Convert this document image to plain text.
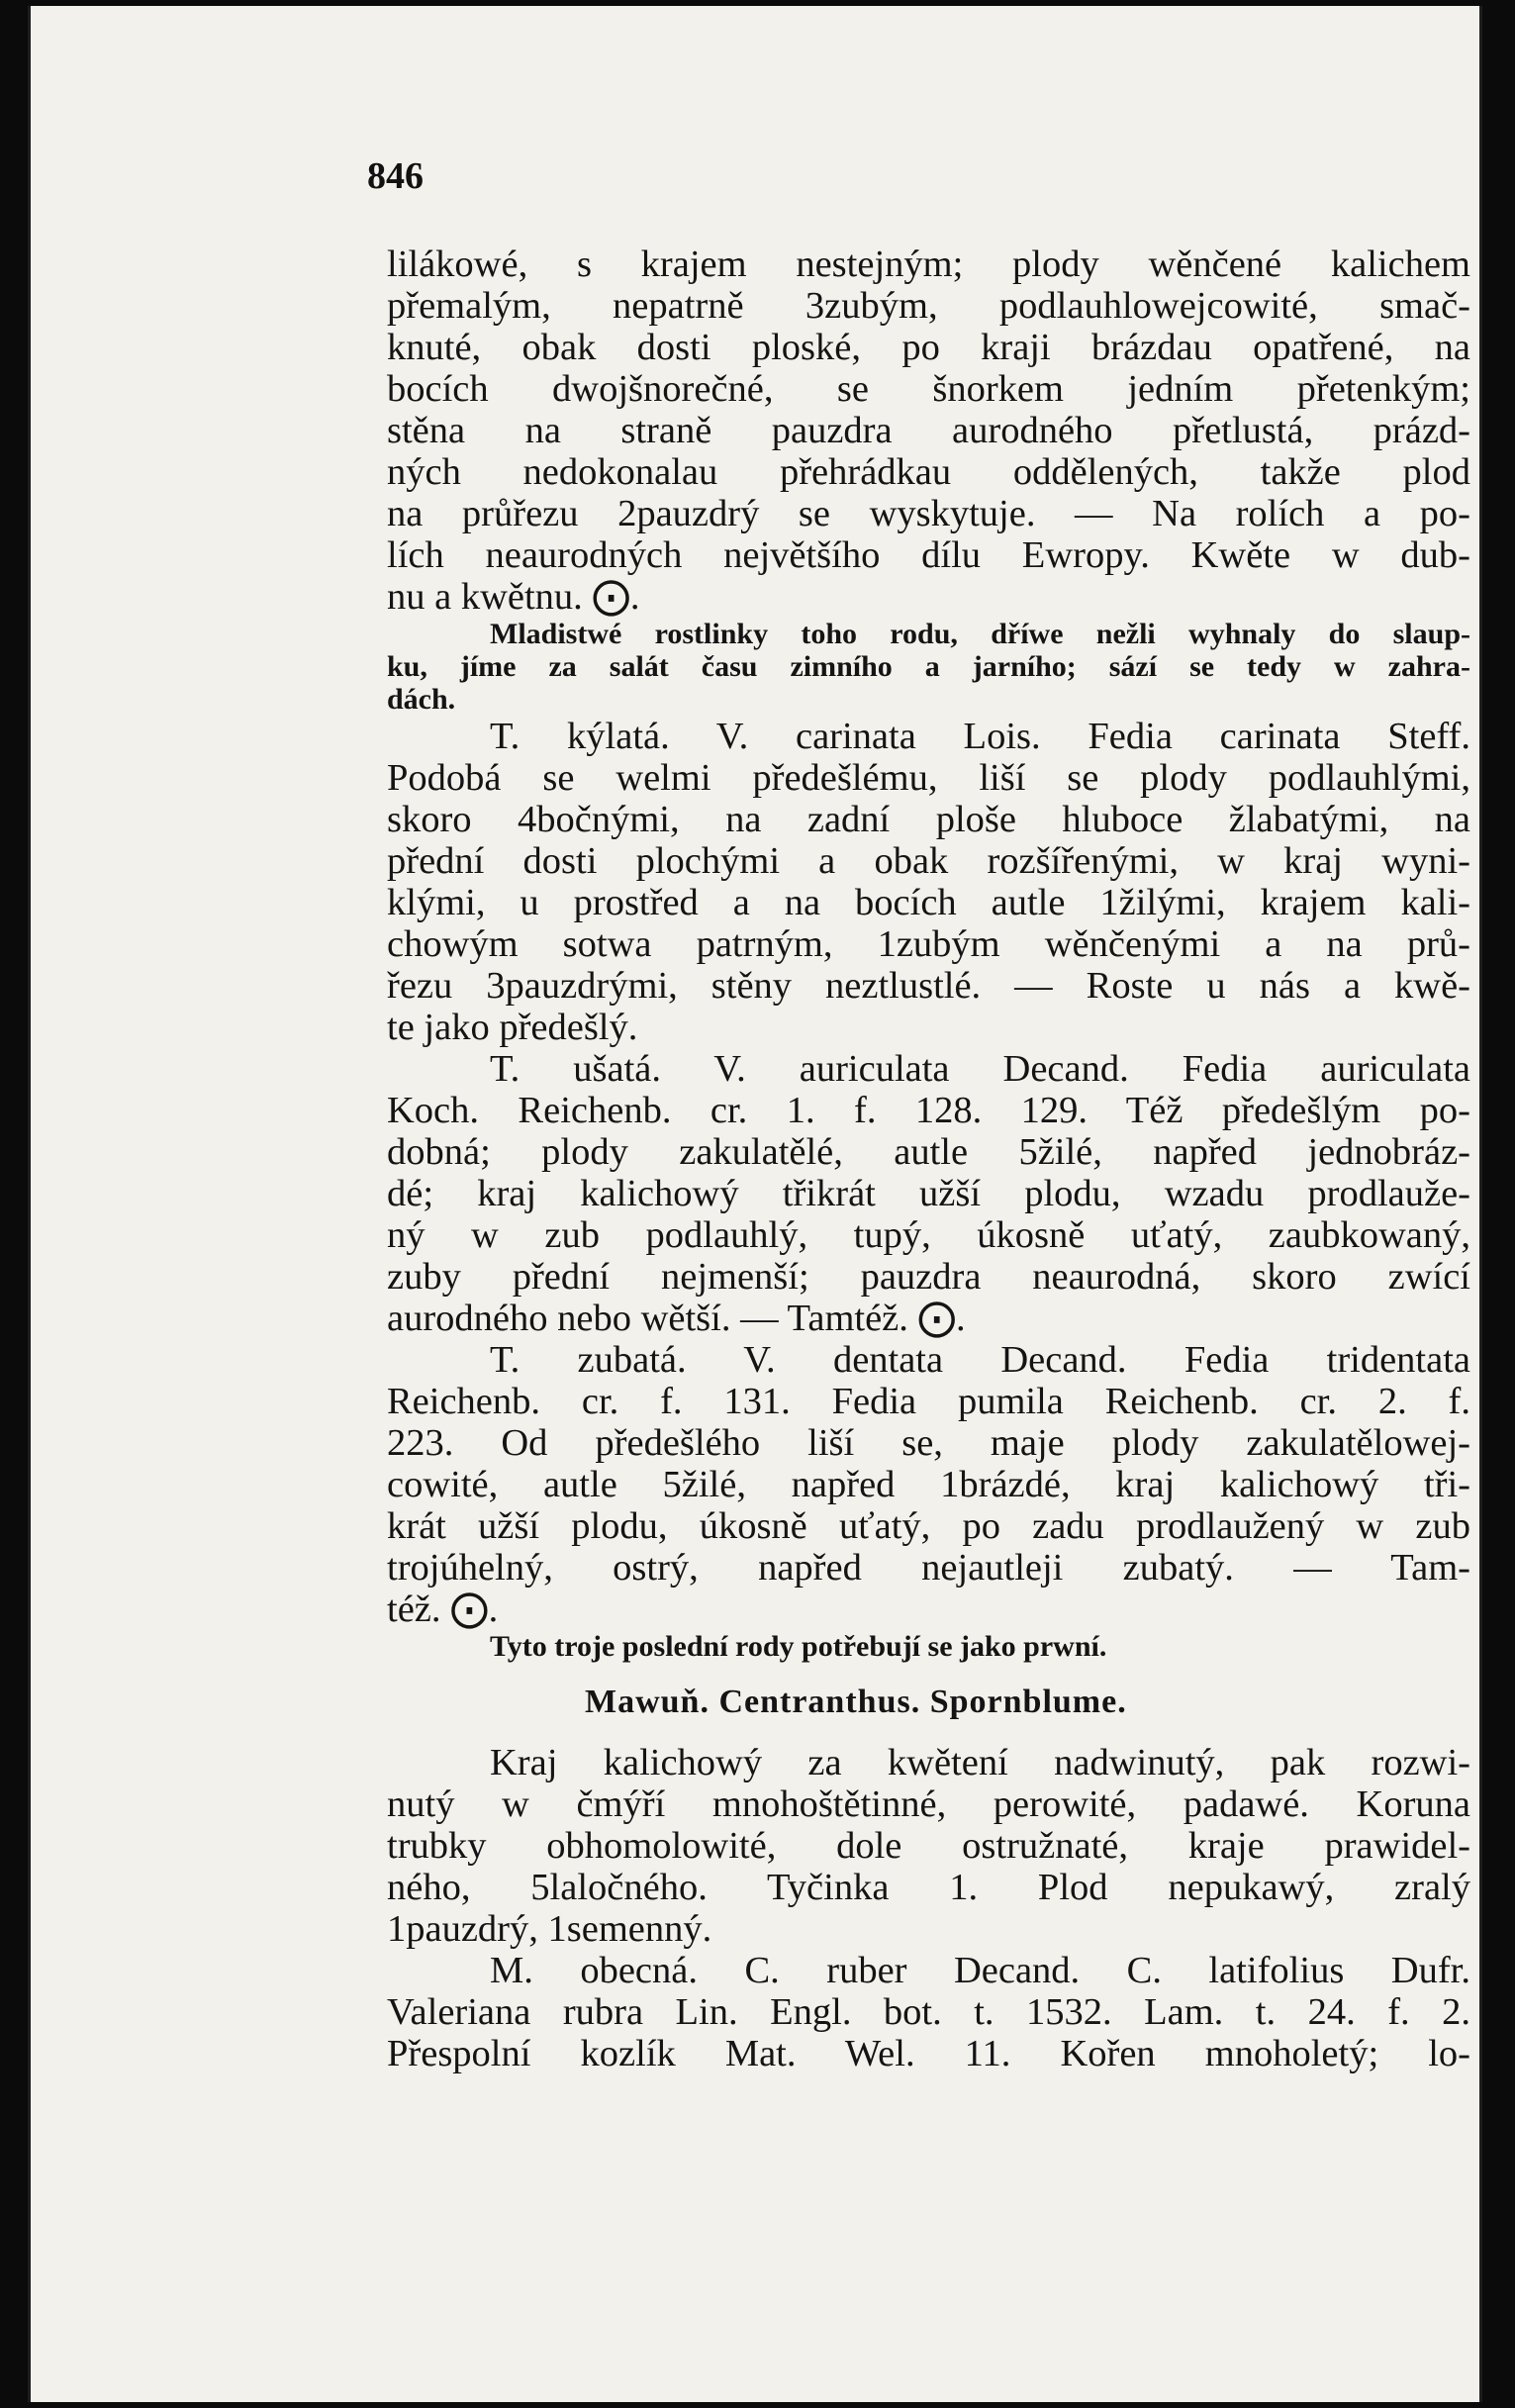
846
lilákowé, s krajem nestejným; plody wěnčené kalichem
přemalým, nepatrně 3zubým, podlauhlowejcowité, smač-
knuté, obak dosti ploské, po kraji brázdau opatřené, na
bocích dwojšnorečné, se šnorkem jedním přetenkým;
stěna na straně pauzdra aurodného přetlustá, prázd-
ných nedokonalau přehrádkau oddělených, takže plod
na průřezu 2pauzdrý se wyskytuje. — Na rolích a po-
lích neaurodných největšího dílu Ewropy. Kwěte w dub-
nu a kwětnu. ⨀.
Mladistwé rostlinky toho rodu, dříwe nežli wyhnaly do slaup-
ku, jíme za salát času zimního a jarního; sází se tedy w zahra-
dách.
T. kýlatá. V. carinata Lois. Fedia carinata Steff.
Podobá se welmi předešlému, liší se plody podlauhlými,
skoro 4bočnými, na zadní ploše hluboce žlabatými, na
přední dosti plochými a obak rozšířenými, w kraj wyni-
klými, u prostřed a na bocích autle 1žilými, krajem kali-
chowým sotwa patrným, 1zubým wěnčenými a na prů-
řezu 3pauzdrými, stěny neztlustlé. — Roste u nás a kwě-
te jako předešlý.
T. ušatá. V. auriculata Decand. Fedia auriculata
Koch. Reichenb. cr. 1. f. 128. 129. Též předešlým po-
dobná; plody zakulatělé, autle 5žilé, napřed jednobráz-
dé; kraj kalichowý třikrát užší plodu, wzadu prodlauže-
ný w zub podlauhlý, tupý, úkosně uťatý, zaubkowaný,
zuby přední nejmenší; pauzdra neaurodná, skoro zwící
aurodného nebo wětší. — Tamtéž. ⨀.
T. zubatá. V. dentata Decand. Fedia tridentata
Reichenb. cr. f. 131. Fedia pumila Reichenb. cr. 2. f.
223. Od předešlého liší se, maje plody zakulatělowej-
cowité, autle 5žilé, napřed 1brázdé, kraj kalichowý tři-
krát užší plodu, úkosně uťatý, po zadu prodlaužený w zub
trojúhelný, ostrý, napřed nejautleji zubatý. — Tam-
též. ⨀.
Tyto troje poslední rody potřebují se jako prwní.
Mawuň. Centranthus. Spornblume.
Kraj kalichowý za kwětení nadwinutý, pak rozwi-
nutý w čmýří mnohoštětinné, perowité, padawé. Koruna
trubky obhomolowité, dole ostružnaté, kraje prawidel-
ného, 5laločného. Tyčinka 1. Plod nepukawý, zralý
1pauzdrý, 1semenný.
M. obecná. C. ruber Decand. C. latifolius Dufr.
Valeriana rubra Lin. Engl. bot. t. 1532. Lam. t. 24. f. 2.
Přespolní kozlík Mat. Wel. 11. Kořen mnoholetý; lo-
